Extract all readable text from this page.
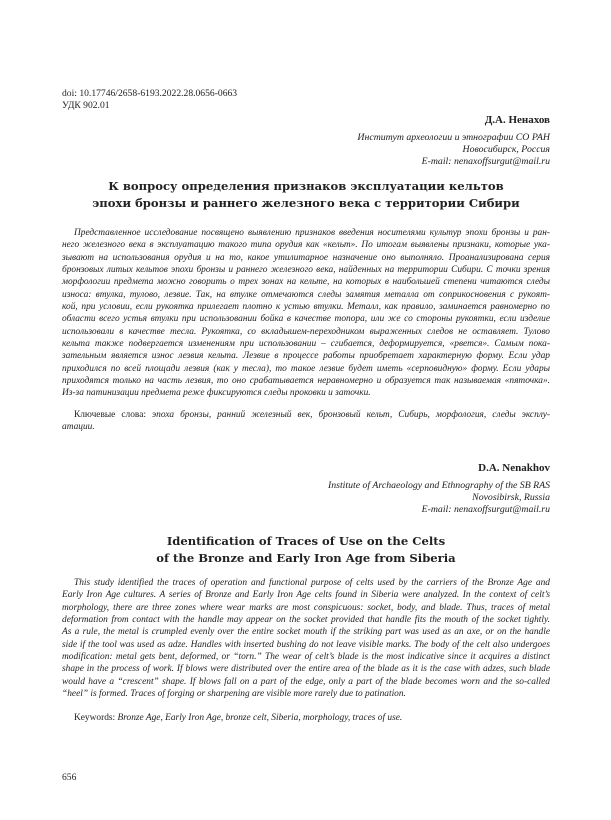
doi: 10.17746/2658-6193.2022.28.0656-0663
УДК 902.01
Д.А. Ненахов
Институт археологии и этнографии СО РАН
Новосибирск, Россия
E-mail: nenaxoffsurgut@mail.ru
К вопросу определения признаков эксплуатации кельтов
эпохи бронзы и раннего железного века с территории Сибири
Представленное исследование посвящено выявлению признаков введения носителями культур эпохи бронзы и ран-
него железного века в эксплуатацию такого типа орудия как «кельт». По итогам выявлены признаки, которые ука-
зывают на использования орудия и на то, какое утилитарное назначение оно выполняло. Проанализирована серия
бронзовых литых кельтов эпохи бронзы и раннего железного века, найденных на территории Сибири. С точки зрения
морфологии предмета можно говорить о трех зонах на кельте, на которых в наибольшей степени читаются следы
износа: втулка, тулово, лезвие. Так, на втулке отмечаются следы замятия металла от соприкосновения с рукоят-
кой, при условии, если рукоятка прилегает плотно к устью втулки. Металл, как правило, заминается равномерно по
области всего устья втулки при использовании бойка в качестве топора, или же со стороны рукоятки, если изделие
использовали в качестве тесла. Рукоятка, со вкладышем-переходником выраженных следов не оставляет. Тулово
кельта также подвергается изменениям при использовании – сгибается, деформируется, «рвется». Самым пока-
зательным является износ лезвия кельта. Лезвие в процессе работы приобретает характерную форму. Если удар
приходился по всей площади лезвия (как у тесла), то такое лезвие будет иметь «серповидную» форму. Если удары
приходятся только на часть лезвия, то оно срабатывается неравномерно и образуется так называемая «пяточка».
Из-за патинизации предмета реже фиксируются следы проковки и заточки.
Ключевые слова: эпоха бронзы, ранний железный век, бронзовый кельт, Сибирь, морфология, следы эксплу-
атации.
D.A. Nenakhov
Institute of Archaeology and Ethnography of the SB RAS
Novosibirsk, Russia
E-mail: nenaxoffsurgut@mail.ru
Identification of Traces of Use on the Celts
of the Bronze and Early Iron Age from Siberia
This study identified the traces of operation and functional purpose of celts used by the carriers of the Bronze Age and
Early Iron Age cultures. A series of Bronze and Early Iron Age celts found in Siberia were analyzed. In the context of celt’s
morphology, there are three zones where wear marks are most conspicuous: socket, body, and blade. Thus, traces of metal
deformation from contact with the handle may appear on the socket provided that handle fits the mouth of the socket tightly.
As a rule, the metal is crumpled evenly over the entire socket mouth if the striking part was used as an axe, or on the handle
side if the tool was used as adze. Handles with inserted bushing do not leave visible marks. The body of the celt also undergoes
modification: metal gets bent, deformed, or “torn.” The wear of celt’s blade is the most indicative since it acquires a distinct
shape in the process of work. If blows were distributed over the entire area of the blade as it is the case with adzes, such blade
would have a “crescent” shape. If blows fall on a part of the edge, only a part of the blade becomes worn and the so-called
“heel” is formed. Traces of forging or sharpening are visible more rarely due to patination.
Keywords: Bronze Age, Early Iron Age, bronze celt, Siberia, morphology, traces of use.
656
